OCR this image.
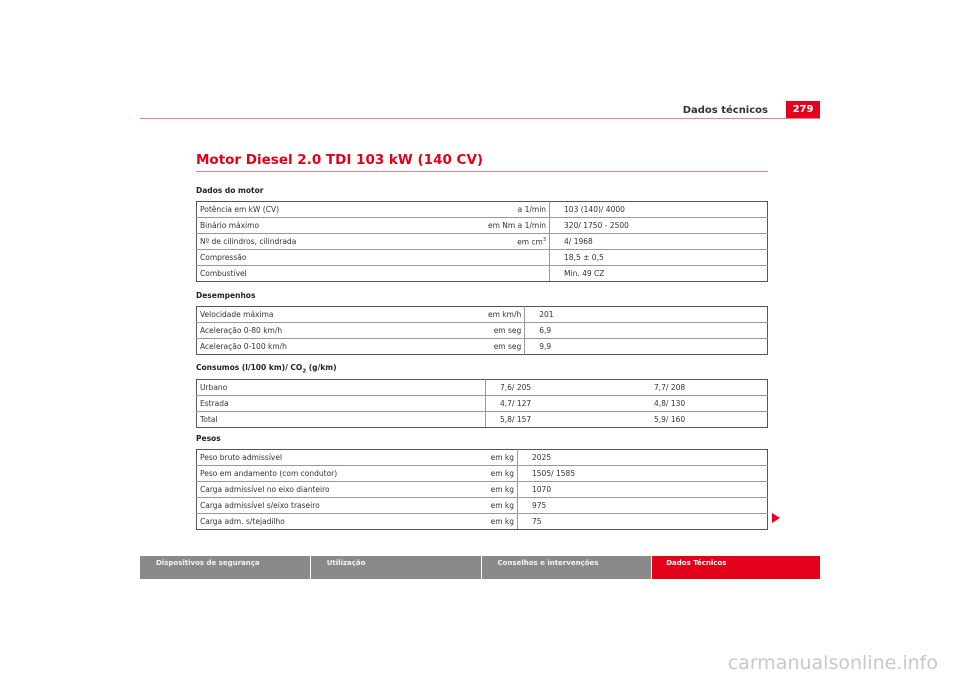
Dados técnicos	279
Motor Diesel 2.0 TDI 103 kW (140 CV)
Dados do motor
Potência em kW (CV)	a 1/min	103 (140)/ 4000
Binário máximo	em Nm a 1/min	320/ 1750 - 2500
Nº de cilindros, cilindrada	em $cm^3$	4/ 1968
Compressão		18,5 ± 0,5
Combustível		Min. 49 CZ
Desempenhos
Velocidade máxima	em km/h	201
Aceleração 0-80 km/h	em seg	6,9
Aceleração 0-100 km/h	em seg	9,9
Consumos (l/100 km)/ $CO_2$ (g/km)
Urbano	7,6/ 205	7,7/ 208
Estrada	4,7/ 127	4,8/ 130
Total	5,8/ 157	5,9/ 160
Pesos
Peso bruto admissível	em kg	2025
Peso em andamento (com condutor)	em kg	1505/ 1585
Carga admissível no eixo dianteiro	em kg	1070
Carga admissível s/eixo traseiro	em kg	975
Carga adm. s/tejadilho	em kg	75
Dispositivos de segurança	Utilização	Conselhos e intervenções	Dados Técnicos
carmanualsonline.info
